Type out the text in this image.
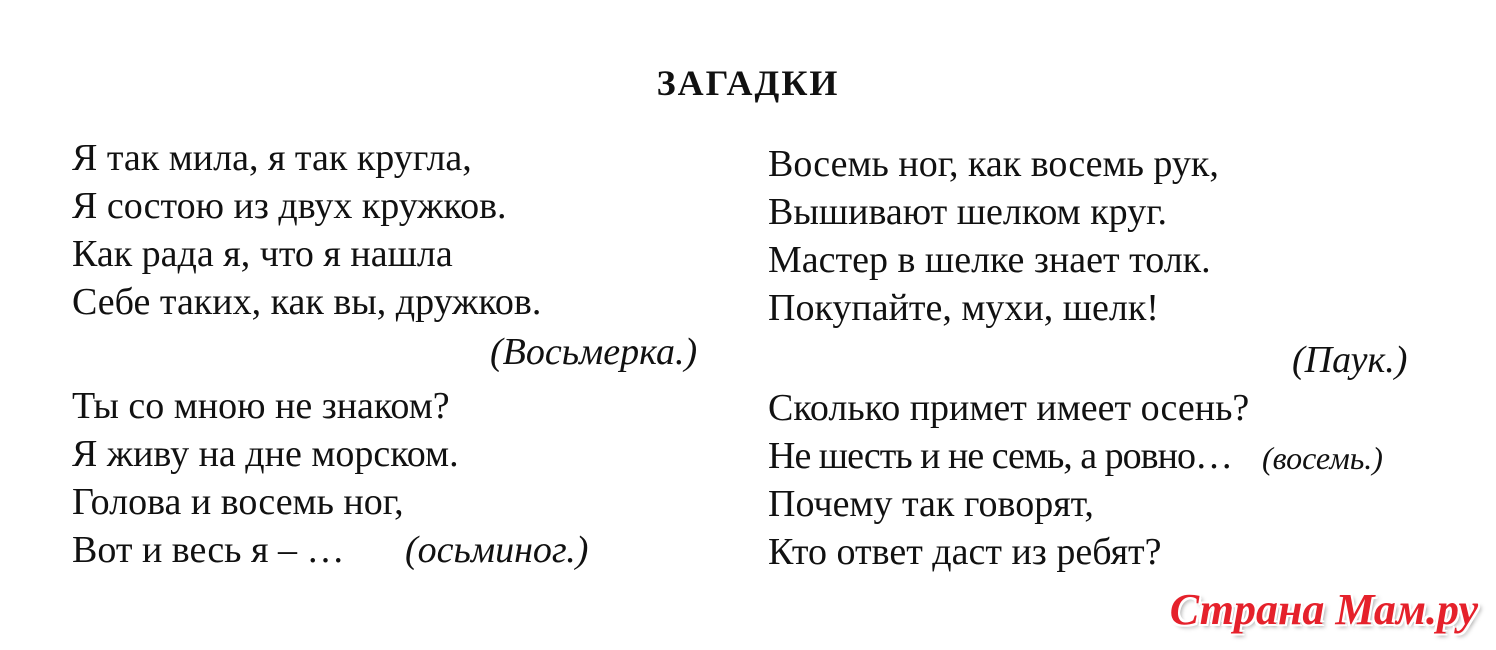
ЗАГАДКИ
Я так мила, я так кругла,
Я состою из двух кружков.
Как рада я, что я нашла
Себе таких, как вы, дружков.
(Восьмерка.)
Ты со мною не знаком?
Я живу на дне морском.
Голова и восемь ног,
Вот и весь я – … (осьминог.)
Восемь ног, как восемь рук,
Вышивают шелком круг.
Мастер в шелке знает толк.
Покупайте, мухи, шелк!
(Паук.)
Сколько примет имеет осень?
Не шесть и не семь, а ровно… (восемь.)
Почему так говорят,
Кто ответ даст из ребят?
Страна Мам.ру
